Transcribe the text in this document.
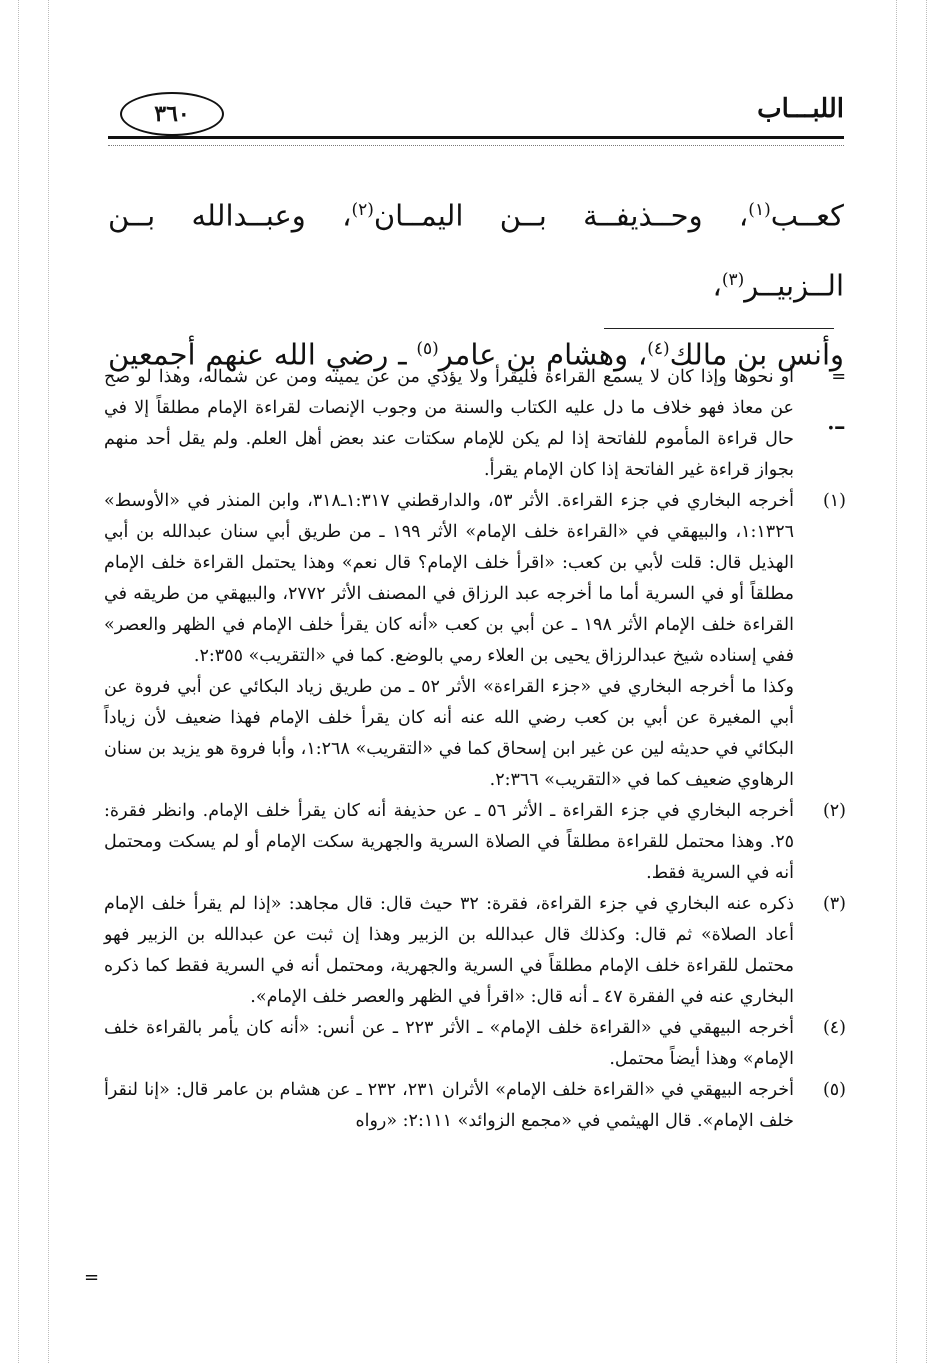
اللبـــاب
٣٦٠
كعــب$^{(١)}$، وحــذيفــة بــن اليمــان$^{(٢)}$، وعبــدالله بــن الــزبيــر$^{(٣)}$،
وأنس بن مالك$^{(٤)}$، وهشام بن عامر$^{(٥)}$ ـ رضي الله عنهم أجمعين ـ.
=
أو نحوها وإذا كان لا يسمع القراءة فليقرأ ولا يؤذي من عن يمينه ومن عن شماله، وهذا لو صح عن معاذ فهو خلاف ما دل عليه الكتاب والسنة من وجوب الإنصات لقراءة الإمام مطلقاً إلا في حال قراءة المأموم للفاتحة إذا لم يكن للإمام سكتات عند بعض أهل العلم. ولم يقل أحد منهم بجواز قراءة غير الفاتحة إذا كان الإمام يقرأ.
(١)
أخرجه البخاري في جزء القراءة. الأثر ٥٣، والدارقطني ١:٣١٧ـ٣١٨، وابن المنذر في «الأوسط» ١:١٣٢٦، والبيهقي في «القراءة خلف الإمام» الأثر ١٩٩ ـ من طريق أبي سنان عبدالله بن أبي الهذيل قال: قلت لأبي بن كعب: «اقرأ خلف الإمام؟ قال نعم» وهذا يحتمل القراءة خلف الإمام مطلقاً أو في السرية أما ما أخرجه عبد الرزاق في المصنف الأثر ٢٧٧٢، والبيهقي من طريقه في القراءة خلف الإمام الأثر ١٩٨ ـ عن أبي بن كعب «أنه كان يقرأ خلف الإمام في الظهر والعصر» ففي إسناده شيخ عبدالرزاق يحيى بن العلاء رمي بالوضع. كما في «التقريب» ٢:٣٥٥.
وكذا ما أخرجه البخاري في «جزء القراءة» الأثر ٥٢ ـ من طريق زياد البكائي عن أبي فروة عن أبي المغيرة عن أبي بن كعب رضي الله عنه أنه كان يقرأ خلف الإمام فهذا ضعيف لأن زياداً البكائي في حديثه لين عن غير ابن إسحاق كما في «التقريب» ١:٢٦٨، وأبا فروة هو يزيد بن سنان الرهاوي ضعيف كما في «التقريب» ٢:٣٦٦.
(٢)
أخرجه البخاري في جزء القراءة ـ الأثر ٥٦ ـ عن حذيفة أنه كان يقرأ خلف الإمام. وانظر فقرة: ٢٥. وهذا محتمل للقراءة مطلقاً في الصلاة السرية والجهرية سكت الإمام أو لم يسكت ومحتمل أنه في السرية فقط.
(٣)
ذكره عنه البخاري في جزء القراءة، فقرة: ٣٢ حيث قال: قال مجاهد: «إذا لم يقرأ خلف الإمام أعاد الصلاة» ثم قال: وكذلك قال عبدالله بن الزبير وهذا إن ثبت عن عبدالله بن الزبير فهو محتمل للقراءة خلف الإمام مطلقاً في السرية والجهرية، ومحتمل أنه في السرية فقط كما ذكره البخاري عنه في الفقرة ٤٧ ـ أنه قال: «اقرأ في الظهر والعصر خلف الإمام».
(٤)
أخرجه البيهقي في «القراءة خلف الإمام» ـ الأثر ٢٢٣ ـ عن أنس: «أنه كان يأمر بالقراءة خلف الإمام» وهذا أيضاً محتمل.
(٥)
أخرجه البيهقي في «القراءة خلف الإمام» الأثران ٢٣١، ٢٣٢ ـ عن هشام بن عامر قال: «إنا لنقرأ خلف الإمام». قال الهيثمي في «مجمع الزوائد» ٢:١١١: «رواه
=
